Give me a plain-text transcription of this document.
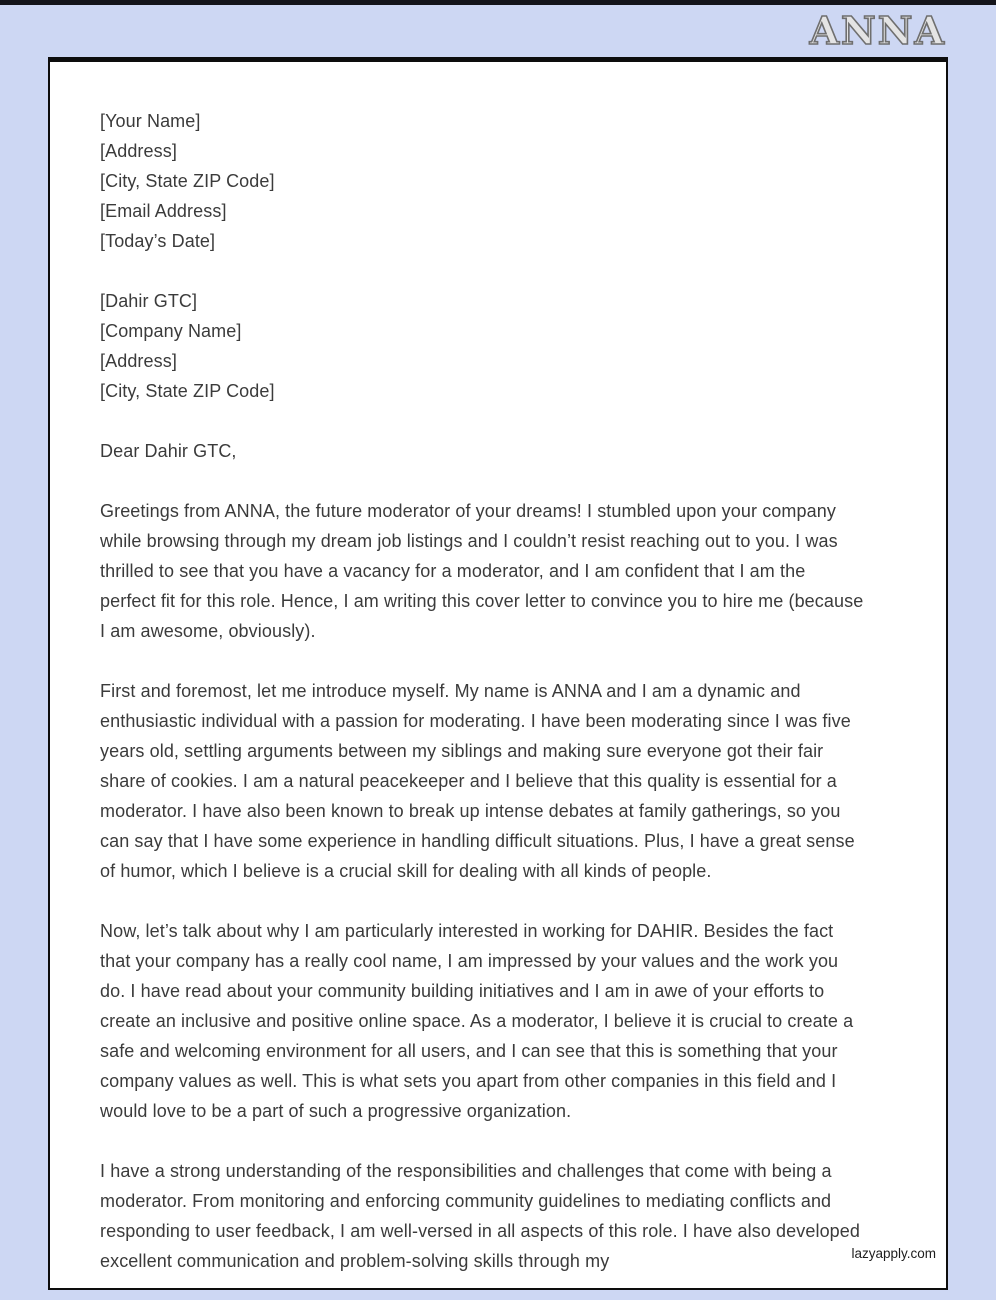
ANNA
[Your Name]
[Address]
[City, State ZIP Code]
[Email Address]
[Today’s Date]
[Dahir GTC]
[Company Name]
[Address]
[City, State ZIP Code]
Dear Dahir GTC,
Greetings from ANNA, the future moderator of your dreams! I stumbled upon your company while browsing through my dream job listings and I couldn’t resist reaching out to you. I was thrilled to see that you have a vacancy for a moderator, and I am confident that I am the perfect fit for this role. Hence, I am writing this cover letter to convince you to hire me (because I am awesome, obviously).
First and foremost, let me introduce myself. My name is ANNA and I am a dynamic and enthusiastic individual with a passion for moderating. I have been moderating since I was five years old, settling arguments between my siblings and making sure everyone got their fair share of cookies. I am a natural peacekeeper and I believe that this quality is essential for a moderator. I have also been known to break up intense debates at family gatherings, so you can say that I have some experience in handling difficult situations. Plus, I have a great sense of humor, which I believe is a crucial skill for dealing with all kinds of people.
Now, let’s talk about why I am particularly interested in working for DAHIR. Besides the fact that your company has a really cool name, I am impressed by your values and the work you do. I have read about your community building initiatives and I am in awe of your efforts to create an inclusive and positive online space. As a moderator, I believe it is crucial to create a safe and welcoming environment for all users, and I can see that this is something that your company values as well. This is what sets you apart from other companies in this field and I would love to be a part of such a progressive organization.
I have a strong understanding of the responsibilities and challenges that come with being a moderator. From monitoring and enforcing community guidelines to mediating conflicts and responding to user feedback, I am well-versed in all aspects of this role. I have also developed excellent communication and problem-solving skills through my	lazyapply.com
